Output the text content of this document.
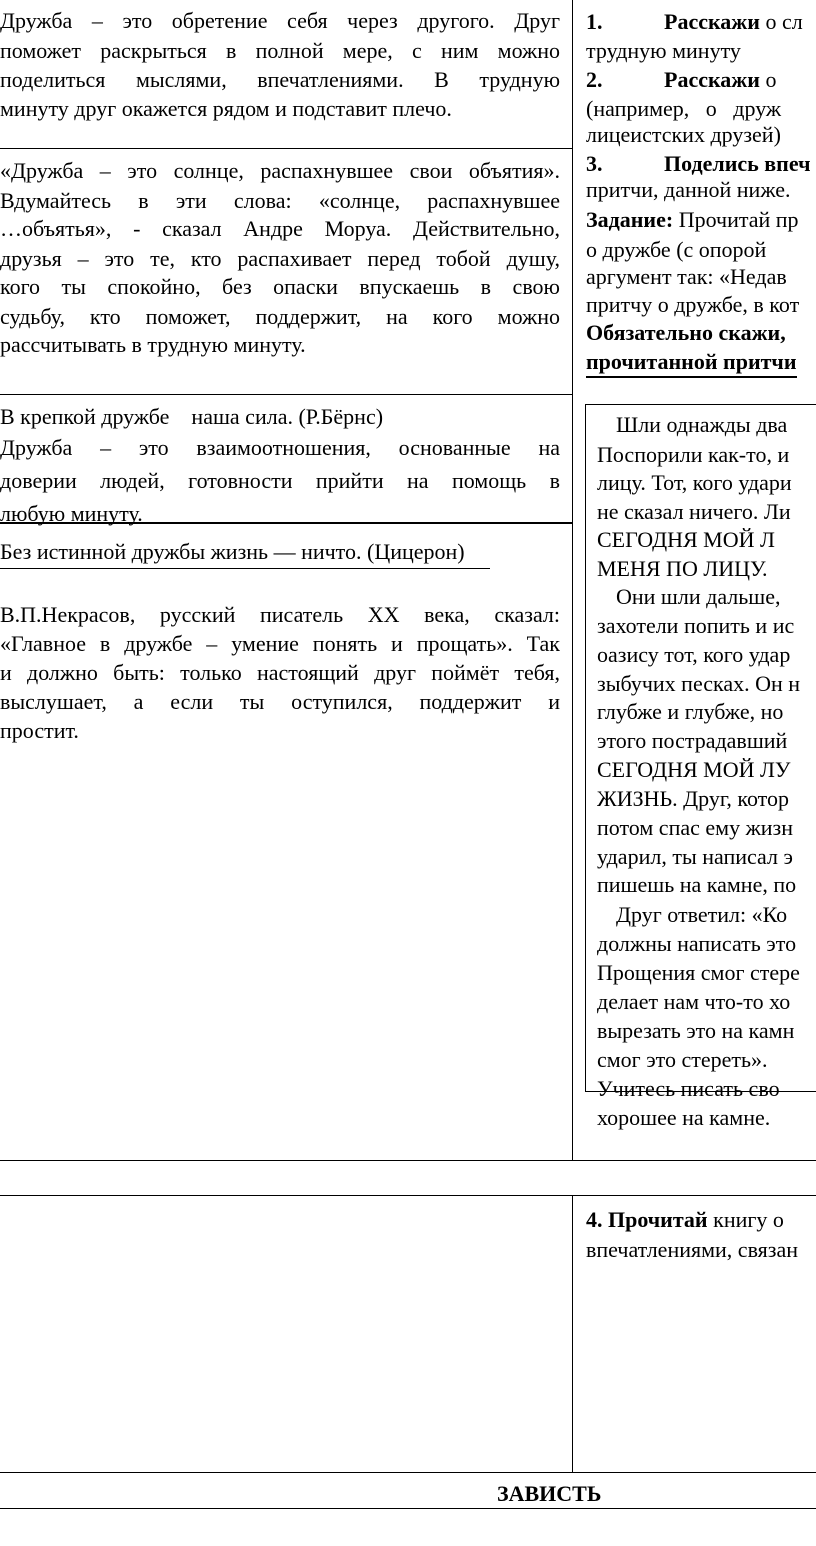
Дружба – это обретение себя через другого. Друг
поможет раскрыться в полной мере, с ним можно
поделиться мыслями, впечатлениями. В трудную
минуту друг окажется рядом и подставит плечо.
«Дружба – это солнце, распахнувшее свои объятия».
Вдумайтесь в эти слова: «солнце, распахнувшее
…объятья», - сказал Андре Моруа. Действительно,
друзья – это те, кто распахивает перед тобой душу,
кого ты спокойно, без опаски впускаешь в свою
судьбу, кто поможет, поддержит, на кого можно
рассчитывать в трудную минуту.
В крепкой дружбе    наша сила. (Р.Бёрнс)
Дружба – это взаимоотношения, основанные на
доверии людей, готовности прийти на помощь в
любую минуту.
Без истинной дружбы жизнь — ничто. (Цицерон)
В.П.Некрасов, русский писатель XX века, сказал:
«Главное в дружбе – умение понять и прощать». Так
и должно быть: только настоящий друг поймёт тебя,
выслушает, а если ты оступился, поддержит и
простит.
1.	Расскажи о сл
трудную минуту
2.	Расскажи о
(например,   о   друж
лицеистских друзей)
3.	Поделись впеч
притчи, данной ниже.
Задание: Прочитай пр
о дружбе (с опорой
аргумент так: «Недав
притчу о дружбе, в кот
Обязательно скажи,
прочитанной притчи
Шли однажды два
Поспорили как-то, и
лицу. Тот, кого удари
не сказал ничего. Ли
СЕГОДНЯ МОЙ Л
МЕНЯ ПО ЛИЦУ.
Они шли дальше,
захотели попить и ис
оазису тот, кого удар
зыбучих песках. Он н
глубже и глубже, но
этого пострадавший
СЕГОДНЯ МОЙ ЛУ
ЖИЗНЬ. Друг, котор
потом спас ему жизн
ударил, ты написал э
пишешь на камне, по
Друг ответил: «Ко
должны написать это
Прощения смог стере
делает нам что-то хо
вырезать это на камн
смог это стереть».
Учитесь писать сво
хорошее на камне.
4. Прочитай книгу о
впечатлениями, связан
ЗАВИСТЬ
